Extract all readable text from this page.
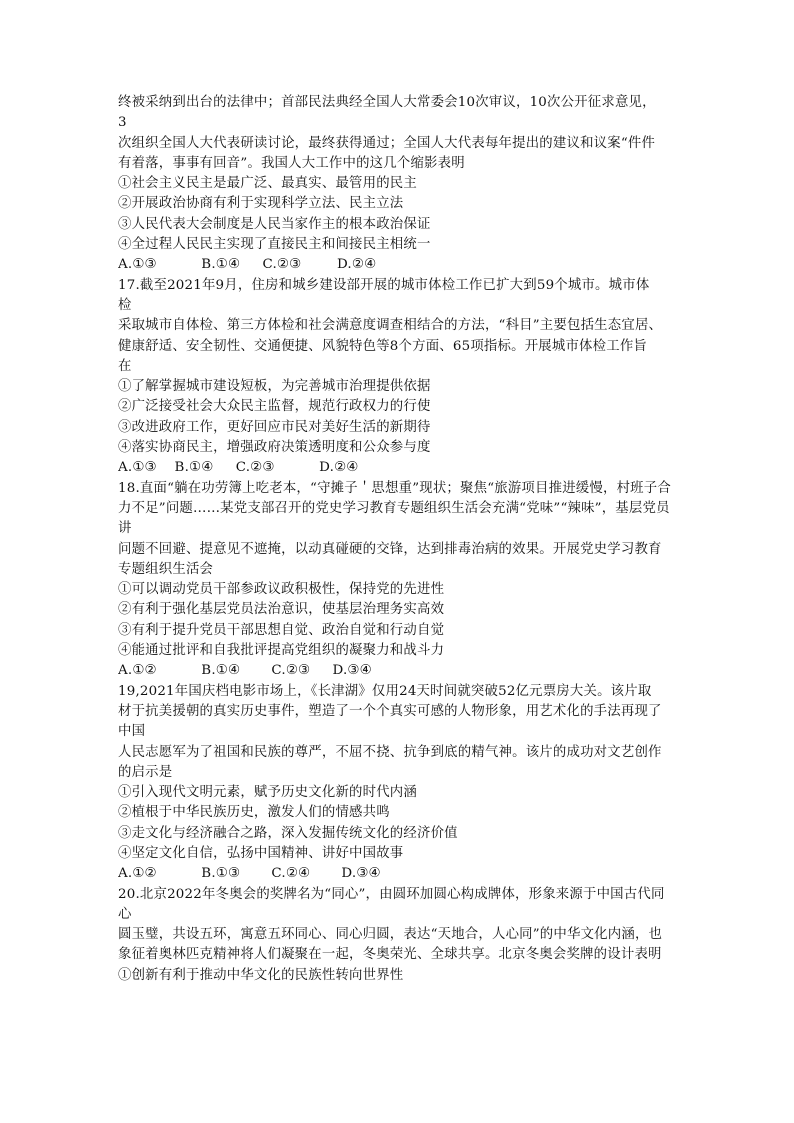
终被采纳到出台的法律中；首部民法典经全国人大常委会10次审议，10次公开征求意见，
3
次组织全国人大代表研读讨论，最终获得通过；全国人大代表每年提出的建议和议案“件件
有着落，事事有回音”。我国人大工作中的这几个缩影表明
①社会主义民主是最广泛、最真实、最管用的民主
②开展政治协商有利于实现科学立法、民主立法
③人民代表大会制度是人民当家作主的根本政治保证
④全过程人民民主实现了直接民主和间接民主相统一
A.①③          B.①④     C.②③        D.②④
17.截至2021年9月，住房和城乡建设部开展的城市体检工作已扩大到59个城市。城市体
检
采取城市自体检、第三方体检和社会满意度调查相结合的方法，“科目”主要包括生态宜居、
健康舒适、安全韧性、交通便捷、风貌特色等8个方面、65项指标。开展城市体检工作旨
在
①了解掌握城市建设短板，为完善城市治理提供依据
②广泛接受社会大众民主监督，规范行政权力的行使
③改进政府工作，更好回应市民对美好生活的新期待
④落实协商民主，增强政府决策透明度和公众参与度
A.①③    B.①④     C.②③          D.②④
18.直面“躺在功劳簿上吃老本，“守摊子＇思想重”现状；聚焦“旅游项目推进缓慢，村班子合
力不足”问题……某党支部召开的党史学习教育专题组织生活会充满“党味”“辣味”，基层党员
讲
问题不回避、提意见不遮掩，以动真碰硬的交锋，达到排毒治病的效果。开展党史学习教育
专题组织生活会
①可以调动党员干部参政议政积极性，保持党的先进性
②有利于强化基层党员法治意识，使基层治理务实高效
③有利于提升党员干部思想自觉、政治自觉和行动自觉
④能通过批评和自我批评提高党组织的凝聚力和战斗力
A.①②          B.①④       C.②③     D.③④
19,2021年国庆档电影市场上，《长津湖》仅用24天时间就突破52亿元票房大关。该片取
材于抗美援朝的真实历史事件，塑造了一个个真实可感的人物形象，用艺术化的手法再现了
中国
人民志愿军为了祖国和民族的尊严，不屈不挠、抗争到底的精气神。该片的成功对文艺创作
的启示是
①引入现代文明元素，赋予历史文化新的时代内涵
②植根于中华民族历史，激发人们的情感共鸣
③走文化与经济融合之路，深入发掘传统文化的经济价值
④坚定文化自信，弘扬中国精神、讲好中国故事
A.①②          B.①③       C.②④       D.③④
20.北京2022年冬奥会的奖牌名为“同心”，由圆环加圆心构成牌体，形象来源于中国古代同
心
圆玉璧，共设五环，寓意五环同心、同心归圆，表达“天地合，人心同”的中华文化内涵，也
象征着奥林匹克精神将人们凝聚在一起，冬奥荣光、全球共享。北京冬奥会奖牌的设计表明
①创新有利于推动中华文化的民族性转向世界性
